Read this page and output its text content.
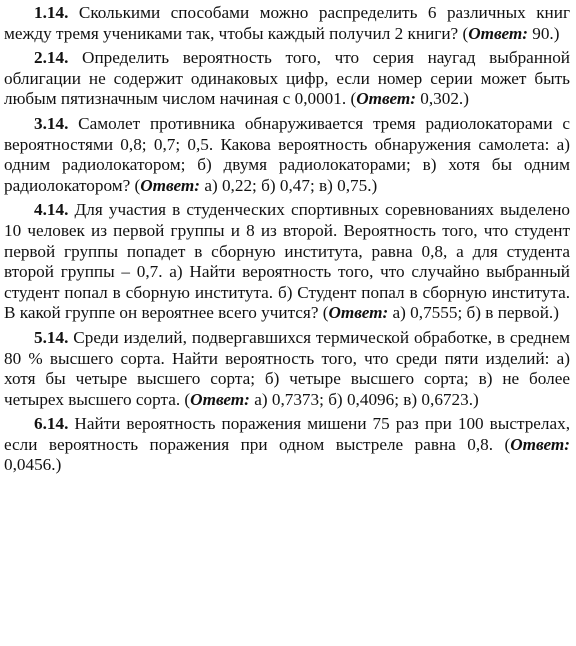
1.14. Сколькими способами можно распределить 6 различных книг между тремя учениками так, чтобы каждый получил 2 книги? (Ответ: 90.)

2.14. Определить вероятность того, что серия наугад выбранной облигации не содержит одинаковых цифр, если номер серии может быть любым пятизначным числом начиная с 0,0001. (Ответ: 0,302.)

3.14. Самолет противника обнаруживается тремя радиолокаторами с вероятностями 0,8; 0,7; 0,5. Какова вероятность обнаружения самолета: а) одним радиолокатором; б) двумя радиолокаторами; в) хотя бы одним радиолокатором? (Ответ: а) 0,22; б) 0,47; в) 0,75.)

4.14. Для участия в студенческих спортивных соревнованиях выделено 10 человек из первой группы и 8 из второй. Вероятность того, что студент первой группы попадет в сборную института, равна 0,8, а для студента второй группы – 0,7. а) Найти вероятность того, что случайно выбранный студент попал в сборную института. б) Студент попал в сборную института. В какой группе он вероятнее всего учится? (Ответ: а) 0,7555; б) в первой.)

5.14. Среди изделий, подвергавшихся термической обработке, в среднем 80 % высшего сорта. Найти вероятность того, что среди пяти изделий: а) хотя бы четыре высшего сорта; б) четыре высшего сорта; в) не более четырех высшего сорта. (Ответ: а) 0,7373; б) 0,4096; в) 0,6723.)

6.14. Найти вероятность поражения мишени 75 раз при 100 выстрелах, если вероятность поражения при одном выстреле равна 0,8. (Ответ: 0,0456.)
